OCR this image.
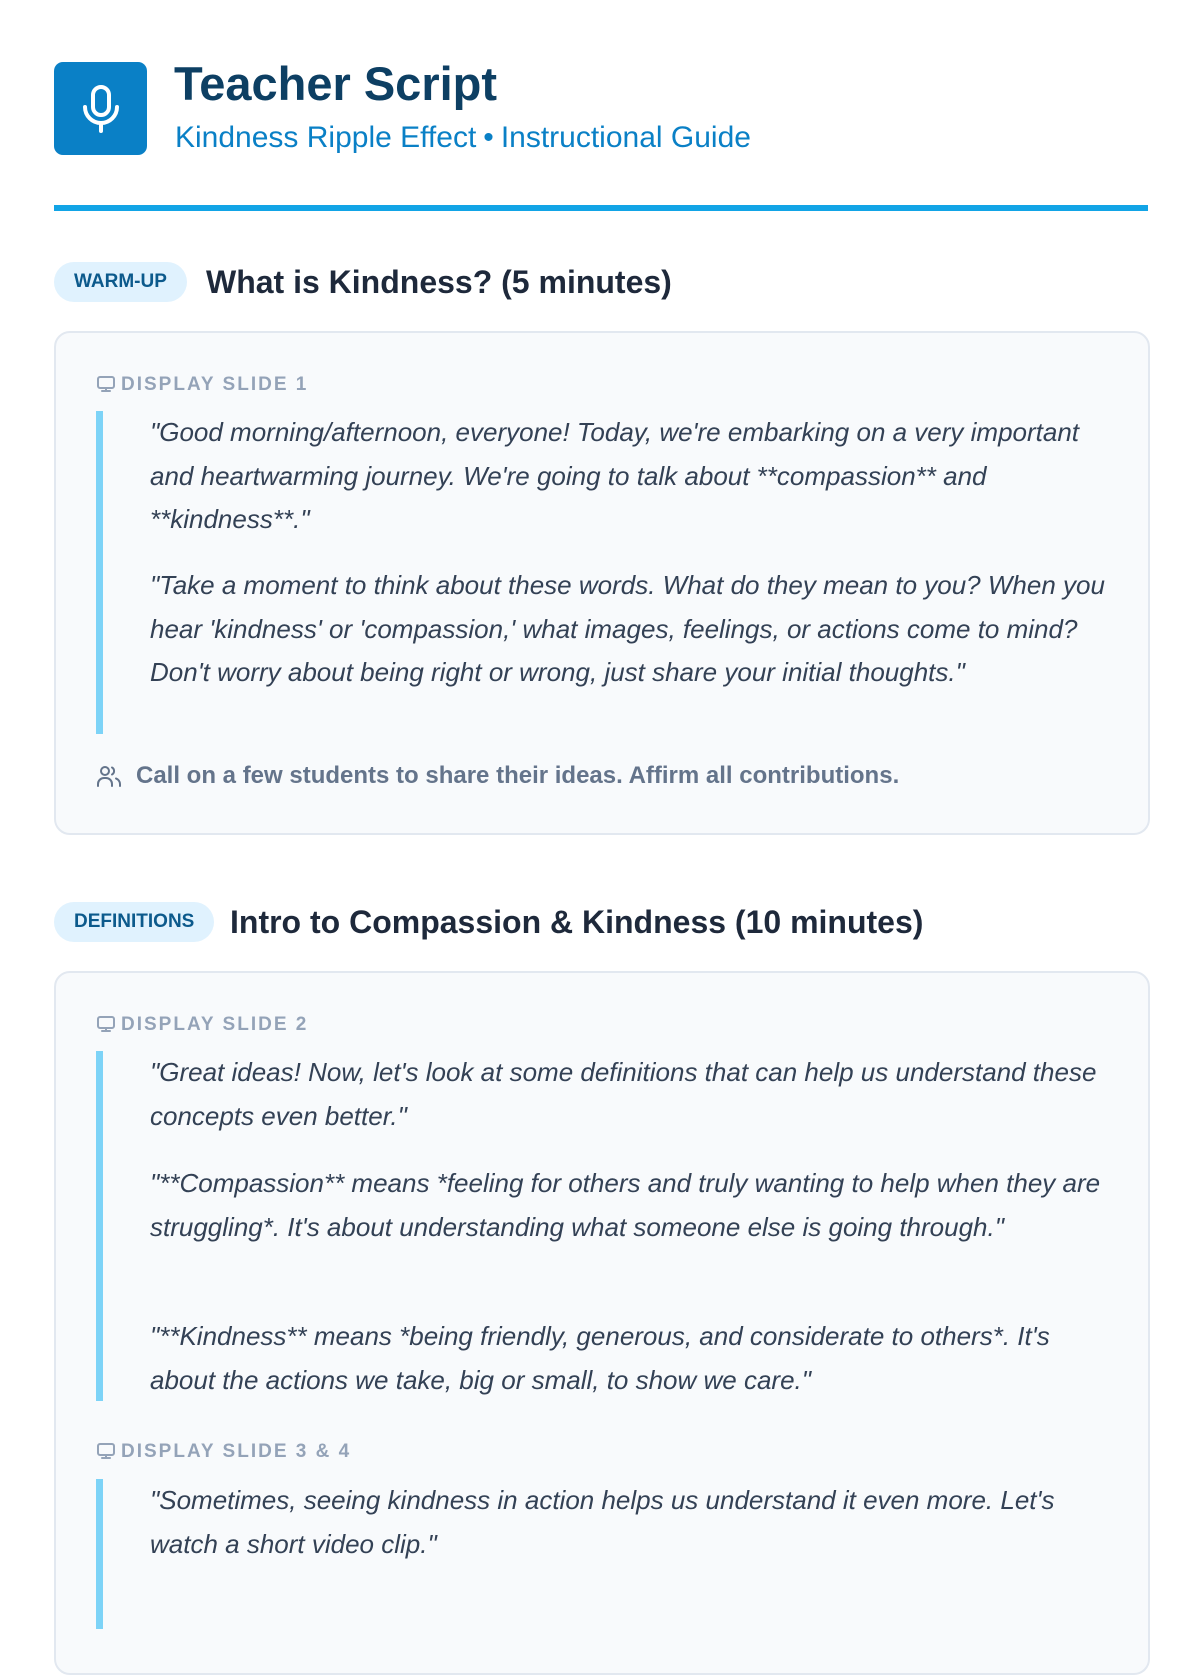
Teacher Script
Kindness Ripple Effect • Instructional Guide
WARM-UP	What is Kindness? (5 minutes)
DISPLAY SLIDE 1
"Good morning/afternoon, everyone! Today, we're embarking on a very important and heartwarming journey. We're going to talk about **compassion** and **kindness**."
"Take a moment to think about these words. What do they mean to you? When you hear 'kindness' or 'compassion,' what images, feelings, or actions come to mind? Don't worry about being right or wrong, just share your initial thoughts."
Call on a few students to share their ideas. Affirm all contributions.
DEFINITIONS	Intro to Compassion & Kindness (10 minutes)
DISPLAY SLIDE 2
"Great ideas! Now, let's look at some definitions that can help us understand these concepts even better."
"**Compassion** means *feeling for others and truly wanting to help when they are struggling*. It's about understanding what someone else is going through."
"**Kindness** means *being friendly, generous, and considerate to others*. It's about the actions we take, big or small, to show we care."
DISPLAY SLIDE 3 & 4
"Sometimes, seeing kindness in action helps us understand it even more. Let's watch a short video clip."
